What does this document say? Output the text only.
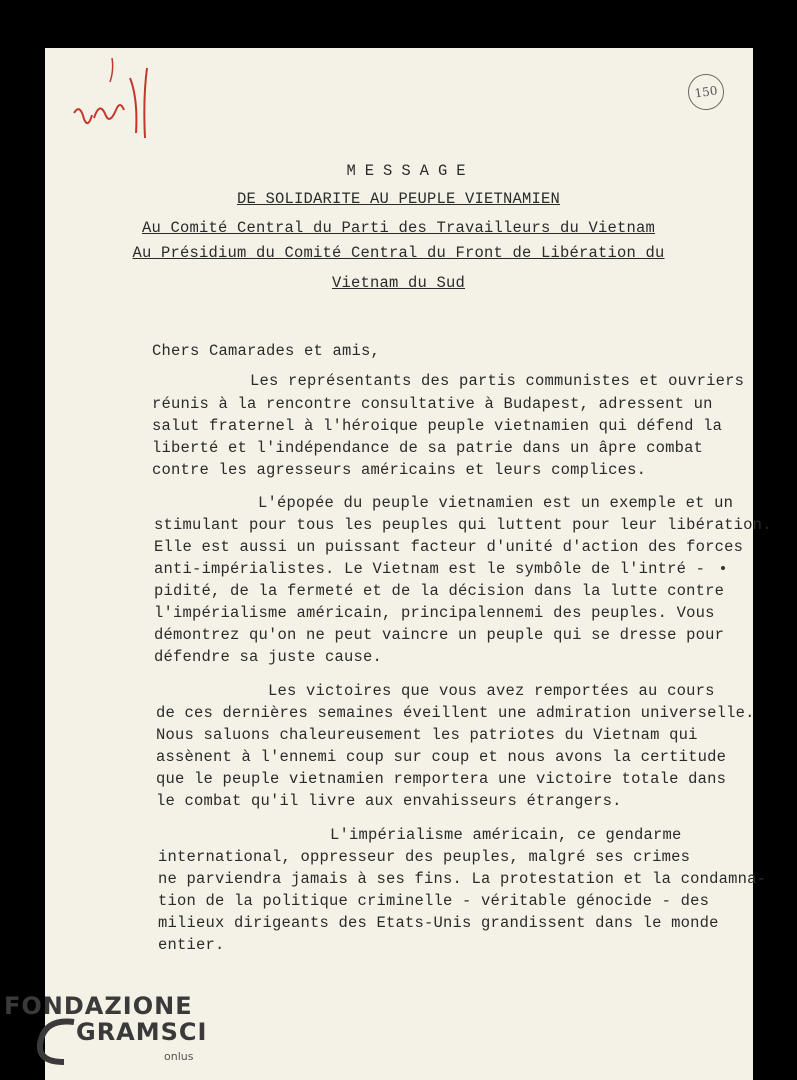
150
MESSAGE
DE SOLIDARITE AU PEUPLE VIETNAMIEN
Au Comité Central du Parti des Travailleurs du Vietnam
Au Présidium du Comité Central du Front de Libération du
Vietnam du Sud
Chers Camarades et amis,
Les représentants des partis communistes et ouvriers
réunis à la rencontre consultative à Budapest, adressent un
salut fraternel à l'héroique peuple vietnamien qui défend la
liberté et l'indépendance de sa patrie dans un âpre combat
contre les agresseurs américains et leurs complices.
L'épopée du peuple vietnamien est un exemple et un
stimulant pour tous les peuples qui luttent pour leur libération.
Elle est aussi un puissant facteur d'unité d'action des forces
anti-impérialistes. Le Vietnam est le symbôle de l'intré -
pidité, de la fermeté et de la décision dans la lutte contre
l'impérialisme américain, principalennemi des peuples. Vous
démontrez qu'on ne peut vaincre un peuple qui se dresse pour
défendre sa juste cause.
Les victoires que vous avez remportées au cours
de ces dernières semaines éveillent une admiration universelle.
Nous saluons chaleureusement les patriotes du Vietnam qui
assènent à l'ennemi coup sur coup et nous avons la certitude
que le peuple vietnamien remportera une victoire totale dans
le combat qu'il livre aux envahisseurs étrangers.
L'impérialisme américain, ce gendarme
international, oppresseur des peuples, malgré ses crimes
ne parviendra jamais à ses fins. La protestation et la condamna-
tion de la politique criminelle - véritable génocide - des
milieux dirigeants des Etats-Unis grandissent dans le monde
entier.
FONDAZIONE
GRAMSCI
onlus
